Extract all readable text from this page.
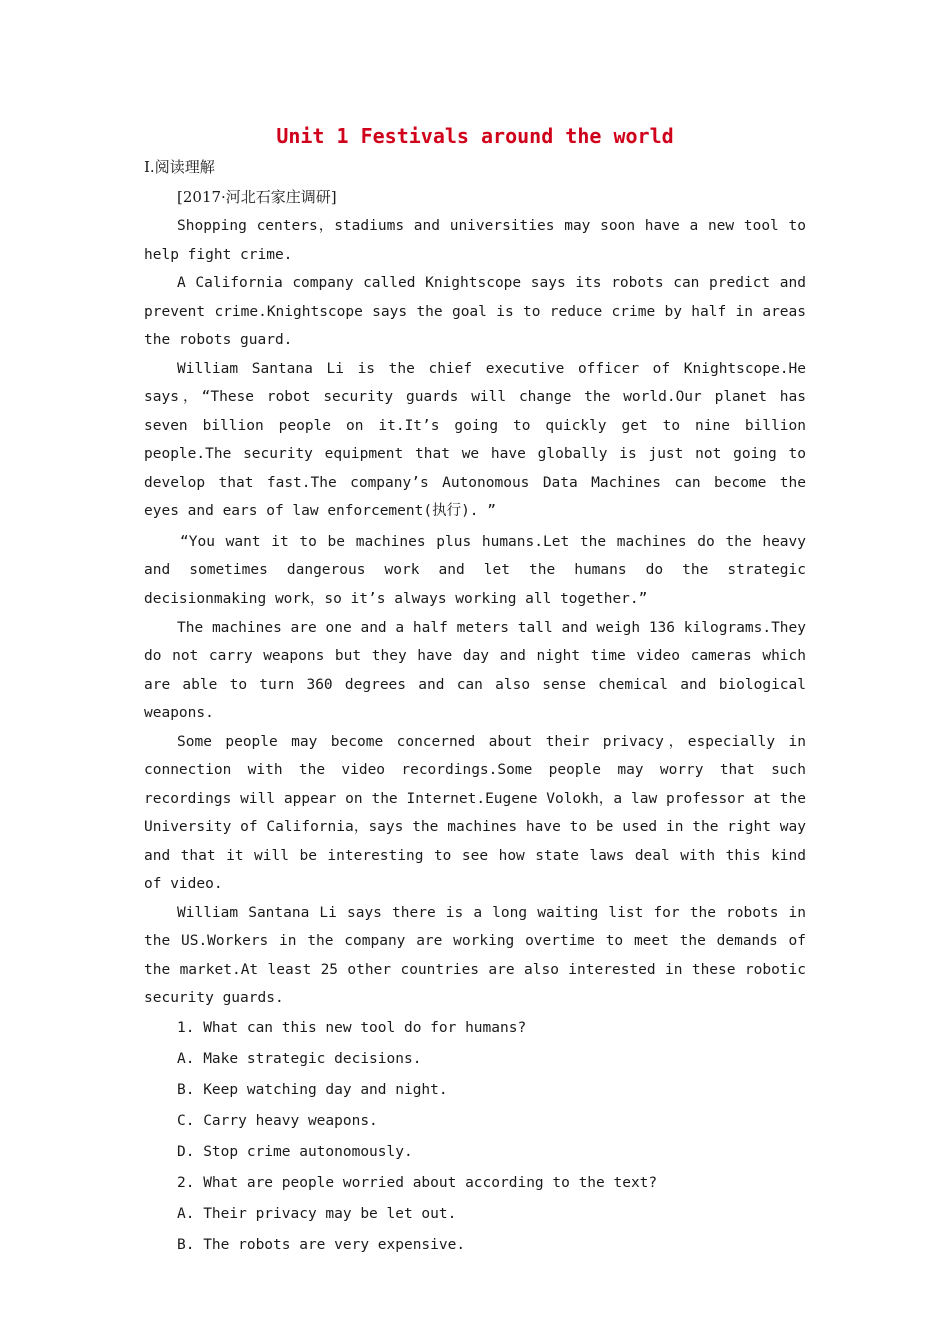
Unit 1 Festivals around the world

Ⅰ.阅读理解

[2017·河北石家庄调研]

Shopping centers，stadiums and universities may soon have a new tool to help fight crime.

A California company called Knightscope says its robots can predict and prevent crime.Knightscope says the goal is to reduce crime by half in areas the robots guard.

William Santana Li is the chief executive officer of Knightscope.He says，“These robot security guards will change the world.Our planet has seven billion people on it.It’s going to quickly get to nine billion people.The security equipment that we have globally is just not going to develop that fast.The company’s Autonomous Data Machines can become the eyes and ears of law enforcement(执行). ”

“You want it to be machines plus humans.Let the machines do the heavy and sometimes dangerous work and let the humans do the strategic decisionmaking work，so it’s always working all together.”

The machines are one and a half meters tall and weigh 136 kilograms.They do not carry weapons but they have day and night time video cameras which are able to turn 360 degrees and can also sense chemical and biological weapons.

Some people may become concerned about their privacy，especially in connection with the video recordings.Some people may worry that such recordings will appear on the Internet.Eugene Volokh，a law professor at the University of California，says the machines have to be used in the right way and that it will be interesting to see how state laws deal with this kind of video.

William Santana Li says there is a long waiting list for the robots in the US.Workers in the company are working overtime to meet the demands of the market.At least 25 other countries are also interested in these robotic security guards.

1. What can this new tool do for humans?

A. Make strategic decisions.

B. Keep watching day and night.

C. Carry heavy weapons.

D. Stop crime autonomously.

2. What are people worried about according to the text?

A. Their privacy may be let out.

B. The robots are very expensive.
